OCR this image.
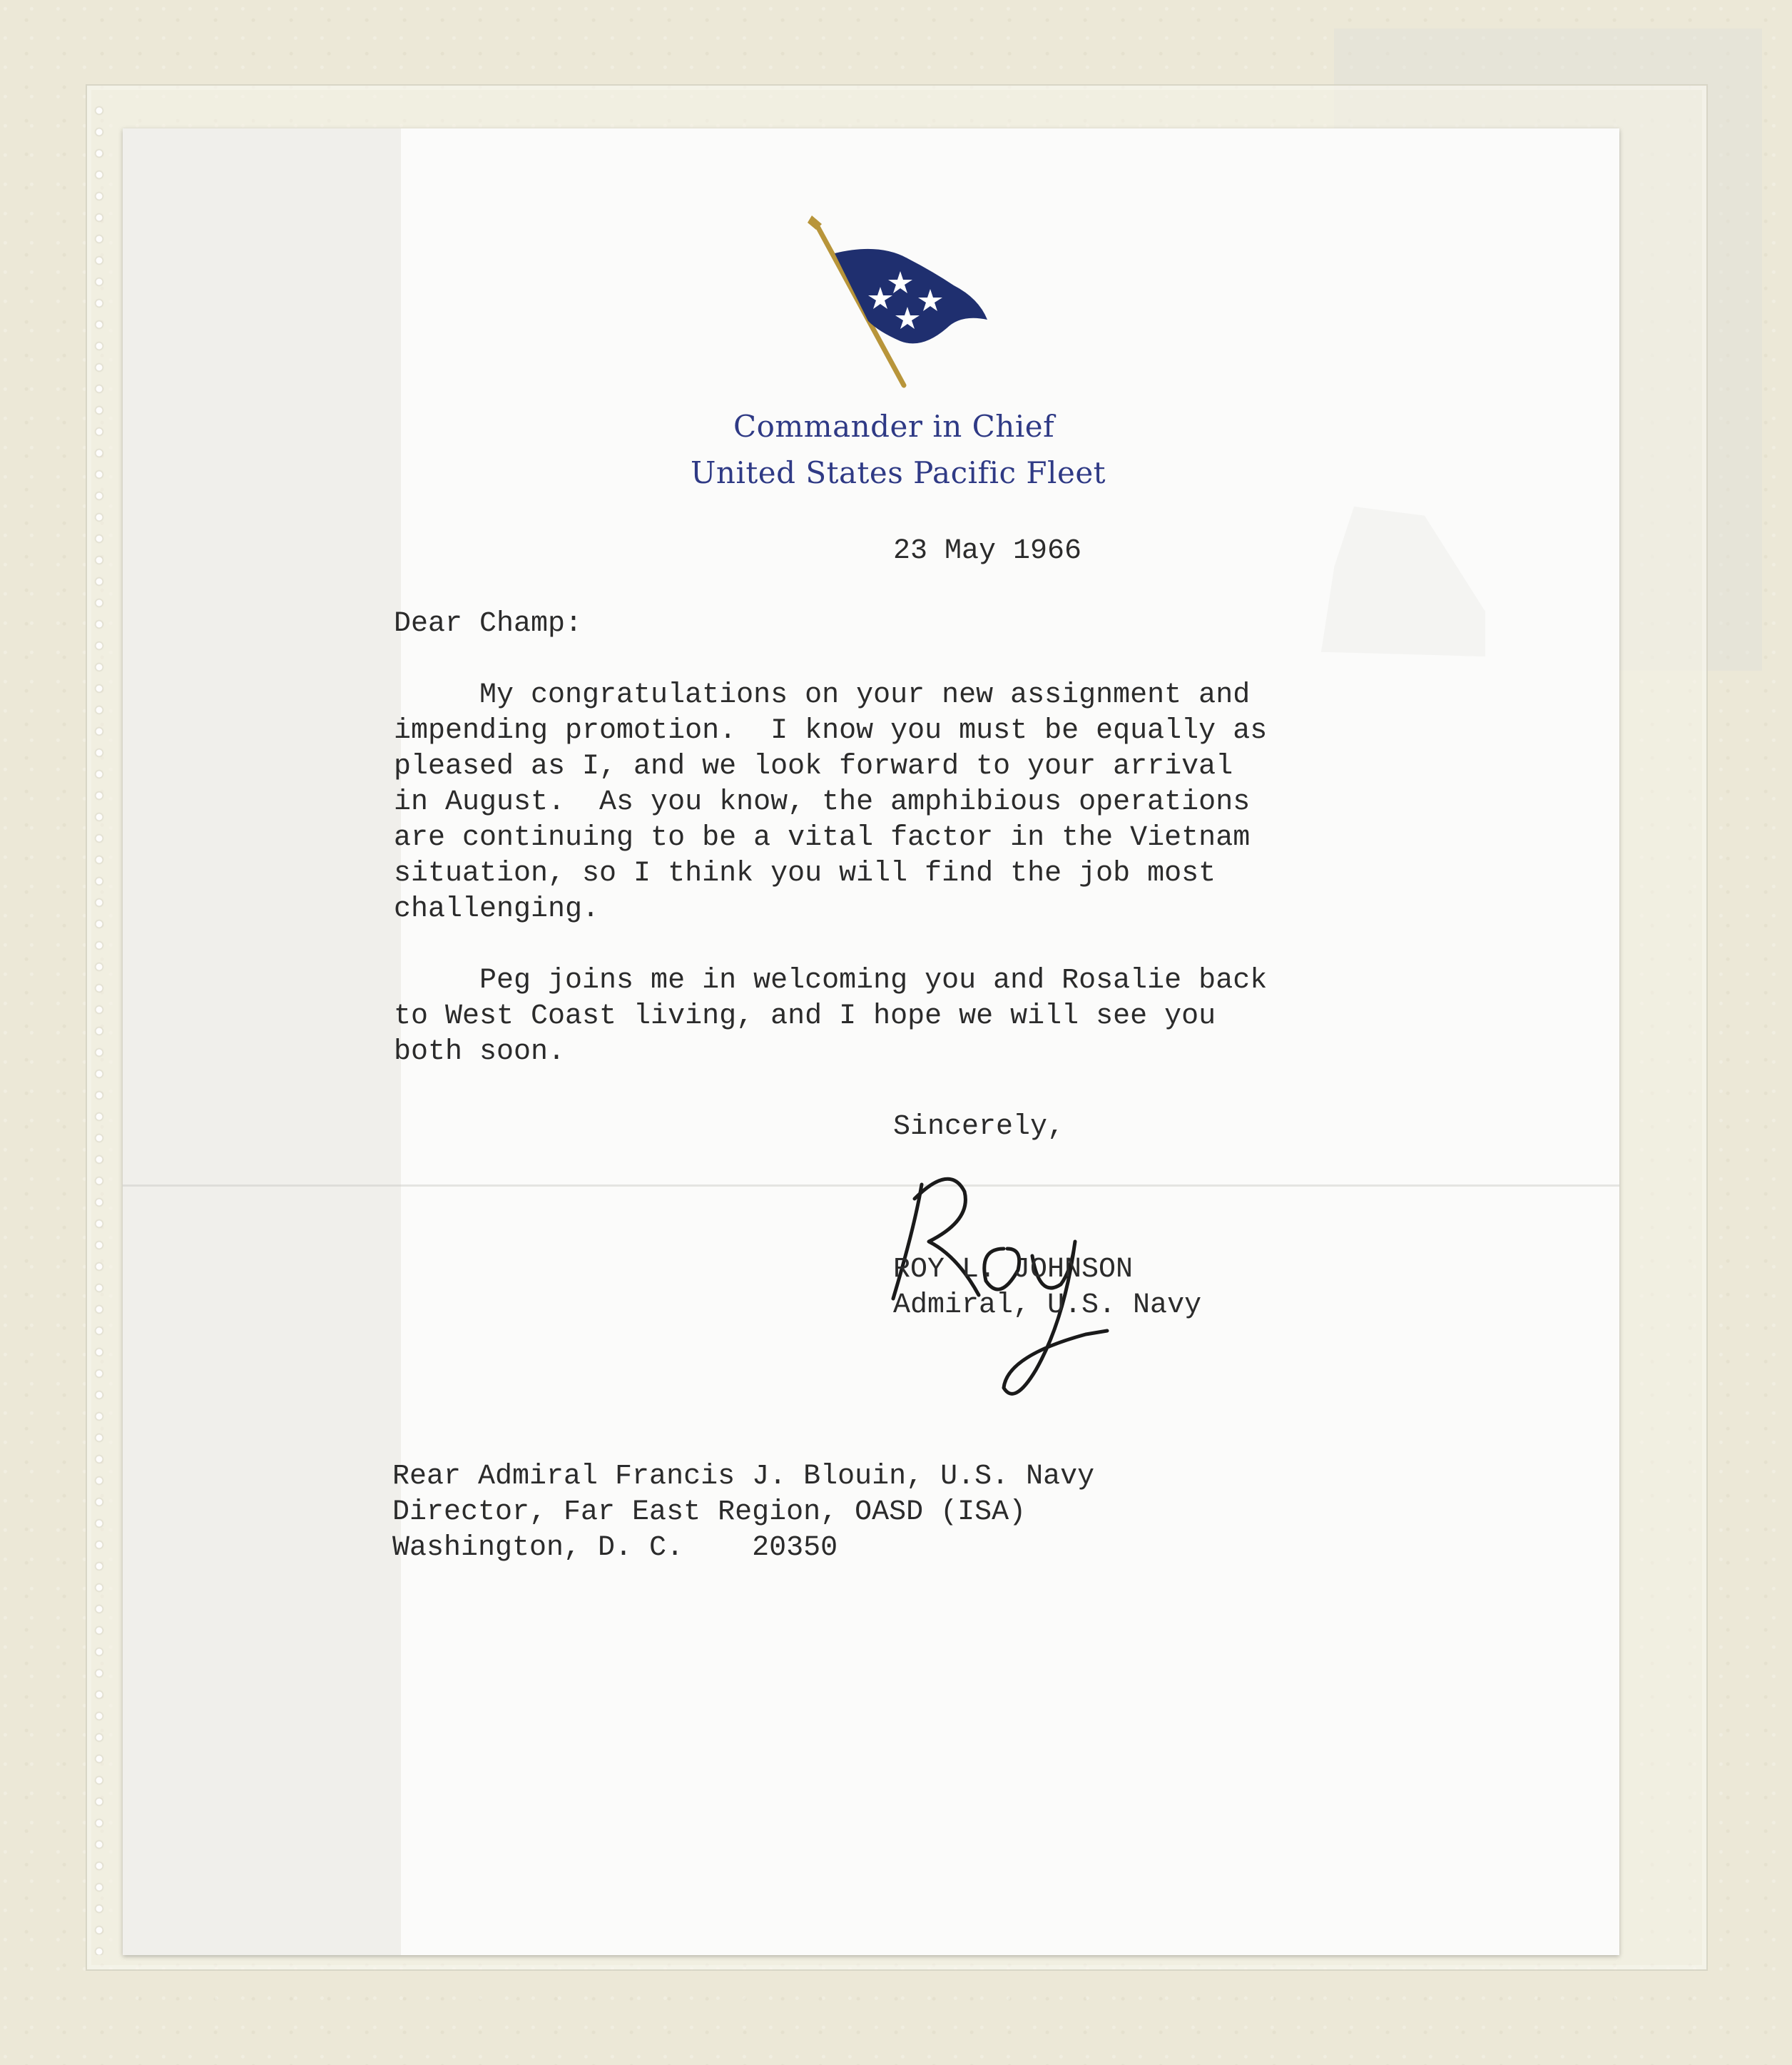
Commander in Chief
United States Pacific Fleet
23 May 1966
Dear Champ:
My congratulations on your new assignment and
impending promotion.  I know you must be equally as
pleased as I, and we look forward to your arrival
in August.  As you know, the amphibious operations
are continuing to be a vital factor in the Vietnam
situation, so I think you will find the job most
challenging.
Peg joins me in welcoming you and Rosalie back
to West Coast living, and I hope we will see you
both soon.
Sincerely,
ROY L. JOHNSON
Admiral, U.S. Navy
Rear Admiral Francis J. Blouin, U.S. Navy
Director, Far East Region, OASD (ISA)
Washington, D. C.    20350
